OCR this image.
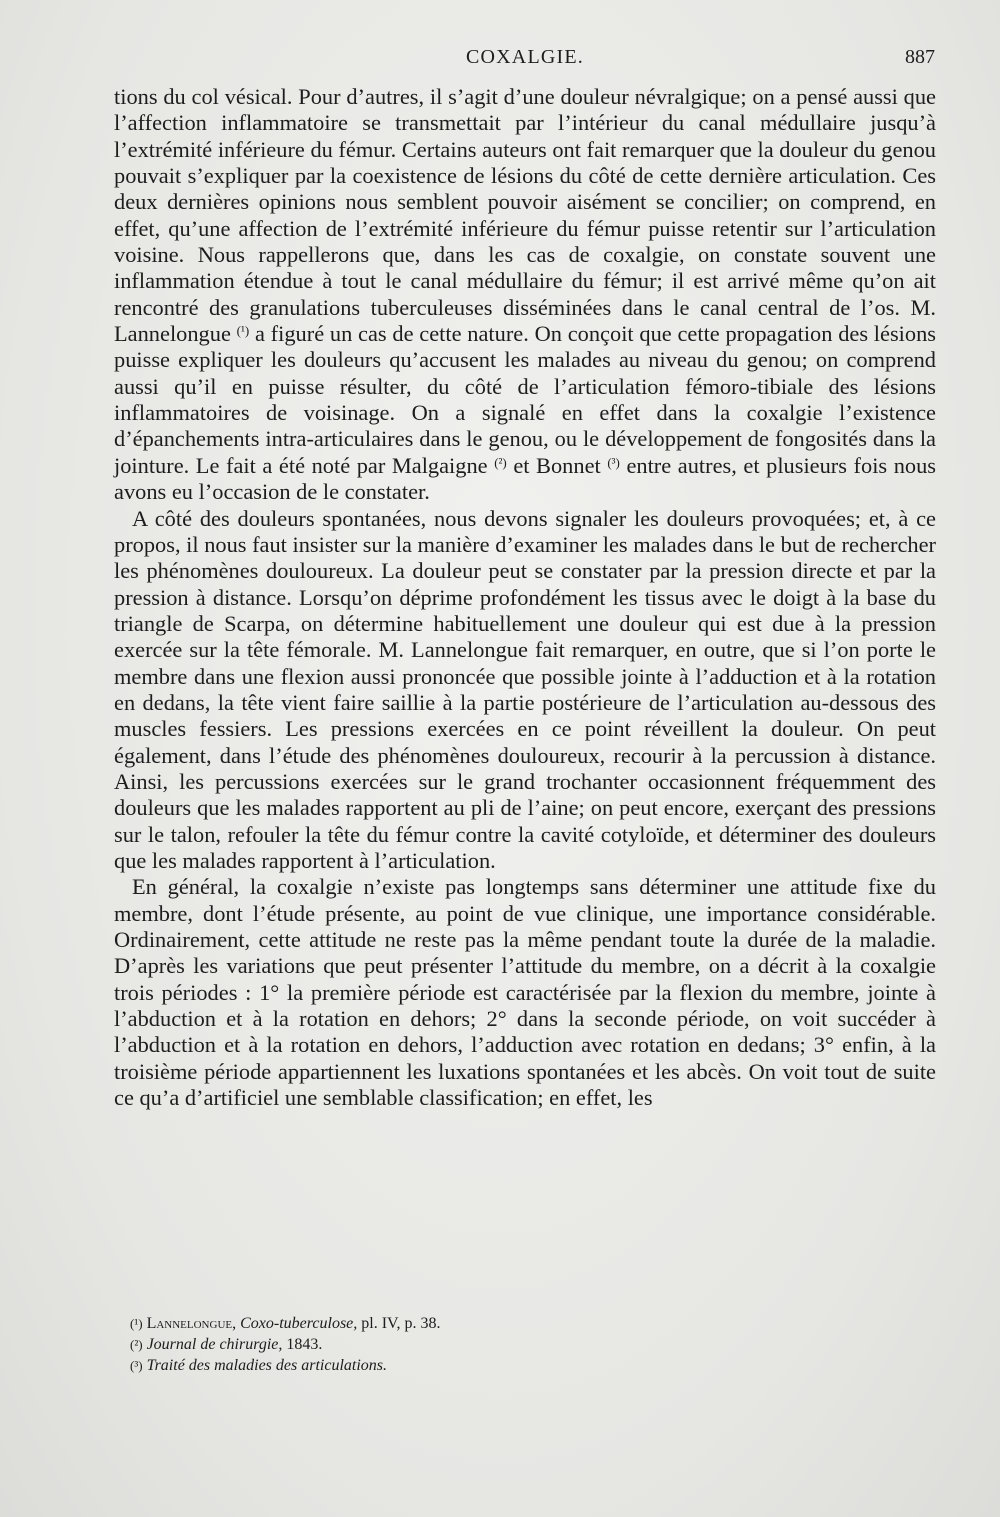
COXALGIE.	887

tions du col vésical. Pour d’autres, il s’agit d’une douleur névralgique; on a pensé aussi que l’affection inflammatoire se transmettait par l’intérieur du canal médullaire jusqu’à l’extrémité inférieure du fémur. Certains auteurs ont fait remarquer que la douleur du genou pouvait s’expliquer par la coexistence de lésions du côté de cette dernière articulation. Ces deux dernières opinions nous semblent pouvoir aisément se concilier; on comprend, en effet, qu’une affection de l’extrémité inférieure du fémur puisse retentir sur l’articulation voisine. Nous rappellerons que, dans les cas de coxalgie, on constate souvent une inflammation étendue à tout le canal médullaire du fémur; il est arrivé même qu’on ait rencontré des granulations tuberculeuses disséminées dans le canal central de l’os. M. Lannelongue $^{(^1)}$ a figuré un cas de cette nature. On conçoit que cette propagation des lésions puisse expliquer les douleurs qu’accusent les malades au niveau du genou; on comprend aussi qu’il en puisse résulter, du côté de l’articulation fémoro-tibiale des lésions inflammatoires de voisinage. On a signalé en effet dans la coxalgie l’existence d’épanchements intra-articulaires dans le genou, ou le développement de fongosités dans la jointure. Le fait a été noté par Malgaigne $^{(^2)}$ et Bonnet $^{(^3)}$ entre autres, et plusieurs fois nous avons eu l’occasion de le constater.

A côté des douleurs spontanées, nous devons signaler les douleurs provoquées; et, à ce propos, il nous faut insister sur la manière d’examiner les malades dans le but de rechercher les phénomènes douloureux. La douleur peut se constater par la pression directe et par la pression à distance. Lorsqu’on déprime profondément les tissus avec le doigt à la base du triangle de Scarpa, on détermine habituellement une douleur qui est due à la pression exercée sur la tête fémorale. M. Lannelongue fait remarquer, en outre, que si l’on porte le membre dans une flexion aussi prononcée que possible jointe à l’adduction et à la rotation en dedans, la tête vient faire saillie à la partie postérieure de l’articulation au-dessous des muscles fessiers. Les pressions exercées en ce point réveillent la douleur. On peut également, dans l’étude des phénomènes douloureux, recourir à la percussion à distance. Ainsi, les percussions exercées sur le grand trochanter occasionnent fréquemment des douleurs que les malades rapportent au pli de l’aine; on peut encore, exerçant des pressions sur le talon, refouler la tête du fémur contre la cavité cotyloïde, et déterminer des douleurs que les malades rapportent à l’articulation.

En général, la coxalgie n’existe pas longtemps sans déterminer une attitude fixe du membre, dont l’étude présente, au point de vue clinique, une importance considérable. Ordinairement, cette attitude ne reste pas la même pendant toute la durée de la maladie. D’après les variations que peut présenter l’attitude du membre, on a décrit à la coxalgie trois périodes : 1° la première période est caractérisée par la flexion du membre, jointe à l’abduction et à la rotation en dehors; 2° dans la seconde période, on voit succéder à l’abduction et à la rotation en dehors, l’adduction avec rotation en dedans; 3° enfin, à la troisième période appartiennent les luxations spontanées et les abcès. On voit tout de suite ce qu’a d’artificiel une semblable classification; en effet, les

(¹) Lannelongue, Coxo-tuberculose, pl. IV, p. 38.

(²) Journal de chirurgie, 1843.

(³) Traité des maladies des articulations.
